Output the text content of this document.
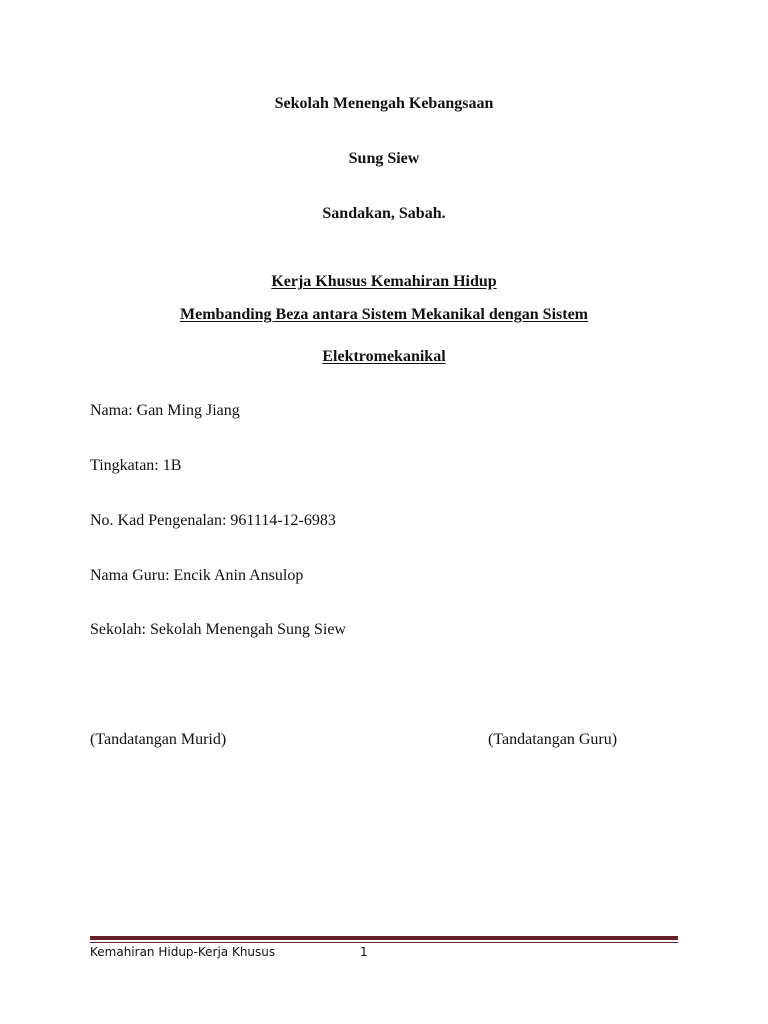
Sekolah Menengah Kebangsaan
Sung Siew
Sandakan, Sabah.
Kerja Khusus Kemahiran Hidup
Membanding Beza antara Sistem Mekanikal dengan Sistem
Elektromekanikal
Nama: Gan Ming Jiang
Tingkatan: 1B
No. Kad Pengenalan: 961114-12-6983
Nama Guru: Encik Anin Ansulop
Sekolah: Sekolah Menengah Sung Siew
(Tandatangan Murid)	(Tandatangan Guru)
Kemahiran Hidup-Kerja Khusus	1
